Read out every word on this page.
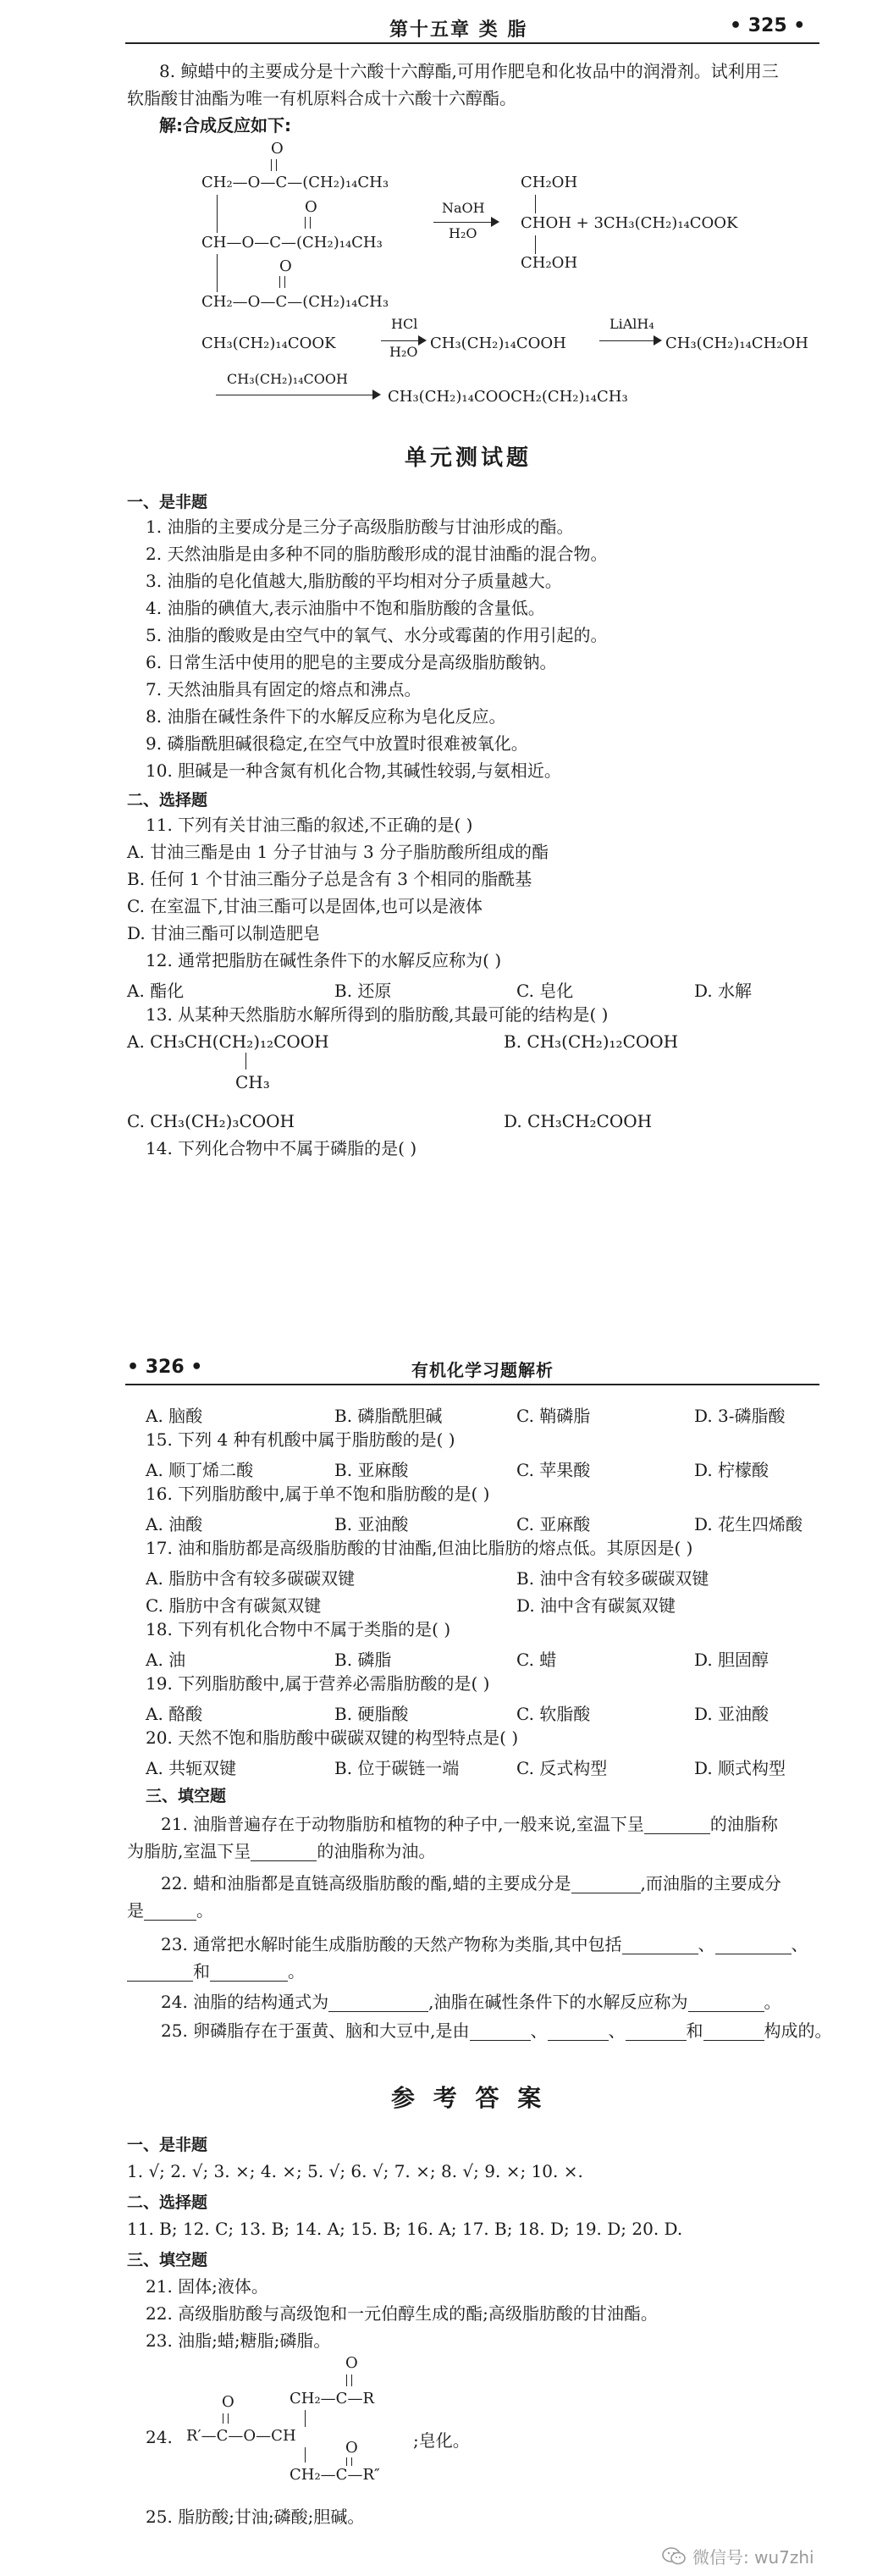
第十五章 类 脂	• 325 •
8. 鲸蜡中的主要成分是十六酸十六醇酯,可用作肥皂和化妆品中的润滑剂。试利用三
软脂酸甘油酯为唯一有机原料合成十六酸十六醇酯。
解:合成反应如下:
O
CH₂—O—C—(CH₂)₁₄CH₃
O
CH—O—C—(CH₂)₁₄CH₃
O
CH₂—O—C—(CH₂)₁₄CH₃
NaOH
H₂O
CH₂OH
CHOH + 3CH₃(CH₂)₁₄COOK
CH₂OH
CH₃(CH₂)₁₄COOK
HCl
H₂O CH₃(CH₂)₁₄COOH
LiAlH₄
CH₃(CH₂)₁₄CH₂OH
CH₃(CH₂)₁₄COOH
CH₃(CH₂)₁₄COOCH₂(CH₂)₁₄CH₃
单元测试题
一、是非题
1. 油脂的主要成分是三分子高级脂肪酸与甘油形成的酯。
2. 天然油脂是由多种不同的脂肪酸形成的混甘油酯的混合物。
3. 油脂的皂化值越大,脂肪酸的平均相对分子质量越大。
4. 油脂的碘值大,表示油脂中不饱和脂肪酸的含量低。
5. 油脂的酸败是由空气中的氧气、水分或霉菌的作用引起的。
6. 日常生活中使用的肥皂的主要成分是高级脂肪酸钠。
7. 天然油脂具有固定的熔点和沸点。
8. 油脂在碱性条件下的水解反应称为皂化反应。
9. 磷脂酰胆碱很稳定,在空气中放置时很难被氧化。
10. 胆碱是一种含氮有机化合物,其碱性较弱,与氨相近。
二、选择题
11. 下列有关甘油三酯的叙述,不正确的是( )
A. 甘油三酯是由 1 分子甘油与 3 分子脂肪酸所组成的酯
B. 任何 1 个甘油三酯分子总是含有 3 个相同的脂酰基
C. 在室温下,甘油三酯可以是固体,也可以是液体
D. 甘油三酯可以制造肥皂
12. 通常把脂肪在碱性条件下的水解反应称为( )
A. 酯化	B. 还原	C. 皂化	D. 水解
13. 从某种天然脂肪水解所得到的脂肪酸,其最可能的结构是( )
A. CH₃CH(CH₂)₁₂COOH
CH₃
B. CH₃(CH₂)₁₂COOH
C. CH₃(CH₂)₃COOH	D. CH₃CH₂COOH
14. 下列化合物中不属于磷脂的是( )
• 326 •	有机化学习题解析
A. 脑酸	B. 磷脂酰胆碱	C. 鞘磷脂	D. 3-磷脂酸
15. 下列 4 种有机酸中属于脂肪酸的是( )
A. 顺丁烯二酸	B. 亚麻酸	C. 苹果酸	D. 柠檬酸
16. 下列脂肪酸中,属于单不饱和脂肪酸的是( )
A. 油酸	B. 亚油酸	C. 亚麻酸	D. 花生四烯酸
17. 油和脂肪都是高级脂肪酸的甘油酯,但油比脂肪的熔点低。其原因是( )
A. 脂肪中含有较多碳碳双键	B. 油中含有较多碳碳双键
C. 脂肪中含有碳氮双键	D. 油中含有碳氮双键
18. 下列有机化合物中不属于类脂的是( )
A. 油	B. 磷脂	C. 蜡	D. 胆固醇
19. 下列脂肪酸中,属于营养必需脂肪酸的是( )
A. 酪酸	B. 硬脂酸	C. 软脂酸	D. 亚油酸
20. 天然不饱和脂肪酸中碳碳双键的构型特点是( )
A. 共轭双键	B. 位于碳链一端	C. 反式构型	D. 顺式构型
三、填空题
21. 油脂普遍存在于动物脂肪和植物的种子中,一般来说,室温下呈	的油脂称
为脂肪,室温下呈	的油脂称为油。
22. 蜡和油脂都是直链高级脂肪酸的酯,蜡的主要成分是	,而油脂的主要成分
是	。
23. 通常把水解时能生成脂肪酸的天然产物称为类脂,其中包括	、	、
和	。
24. 油脂的结构通式为	,油脂在碱性条件下的水解反应称为	。
25. 卵磷脂存在于蛋黄、脑和大豆中,是由	、	、	和	构成的。
参 考 答 案
一、是非题
1. √; 2. √; 3. ×; 4. ×; 5. √; 6. √; 7. ×; 8. √; 9. ×; 10. ×.
二、选择题
11. B; 12. C; 13. B; 14. A; 15. B; 16. A; 17. B; 18. D; 19. D; 20. D.
三、填空题
21. 固体;液体。
22. 高级脂肪酸与高级饱和一元伯醇生成的酯;高级脂肪酸的甘油酯。
23. 油脂;蜡;糖脂;磷脂。
O
CH₂—C—R
O
24. R′—C—O—CH	;皂化。
O
CH₂—C—R″
25. 脂肪酸;甘油;磷酸;胆碱。
微信号: wu7zhi
